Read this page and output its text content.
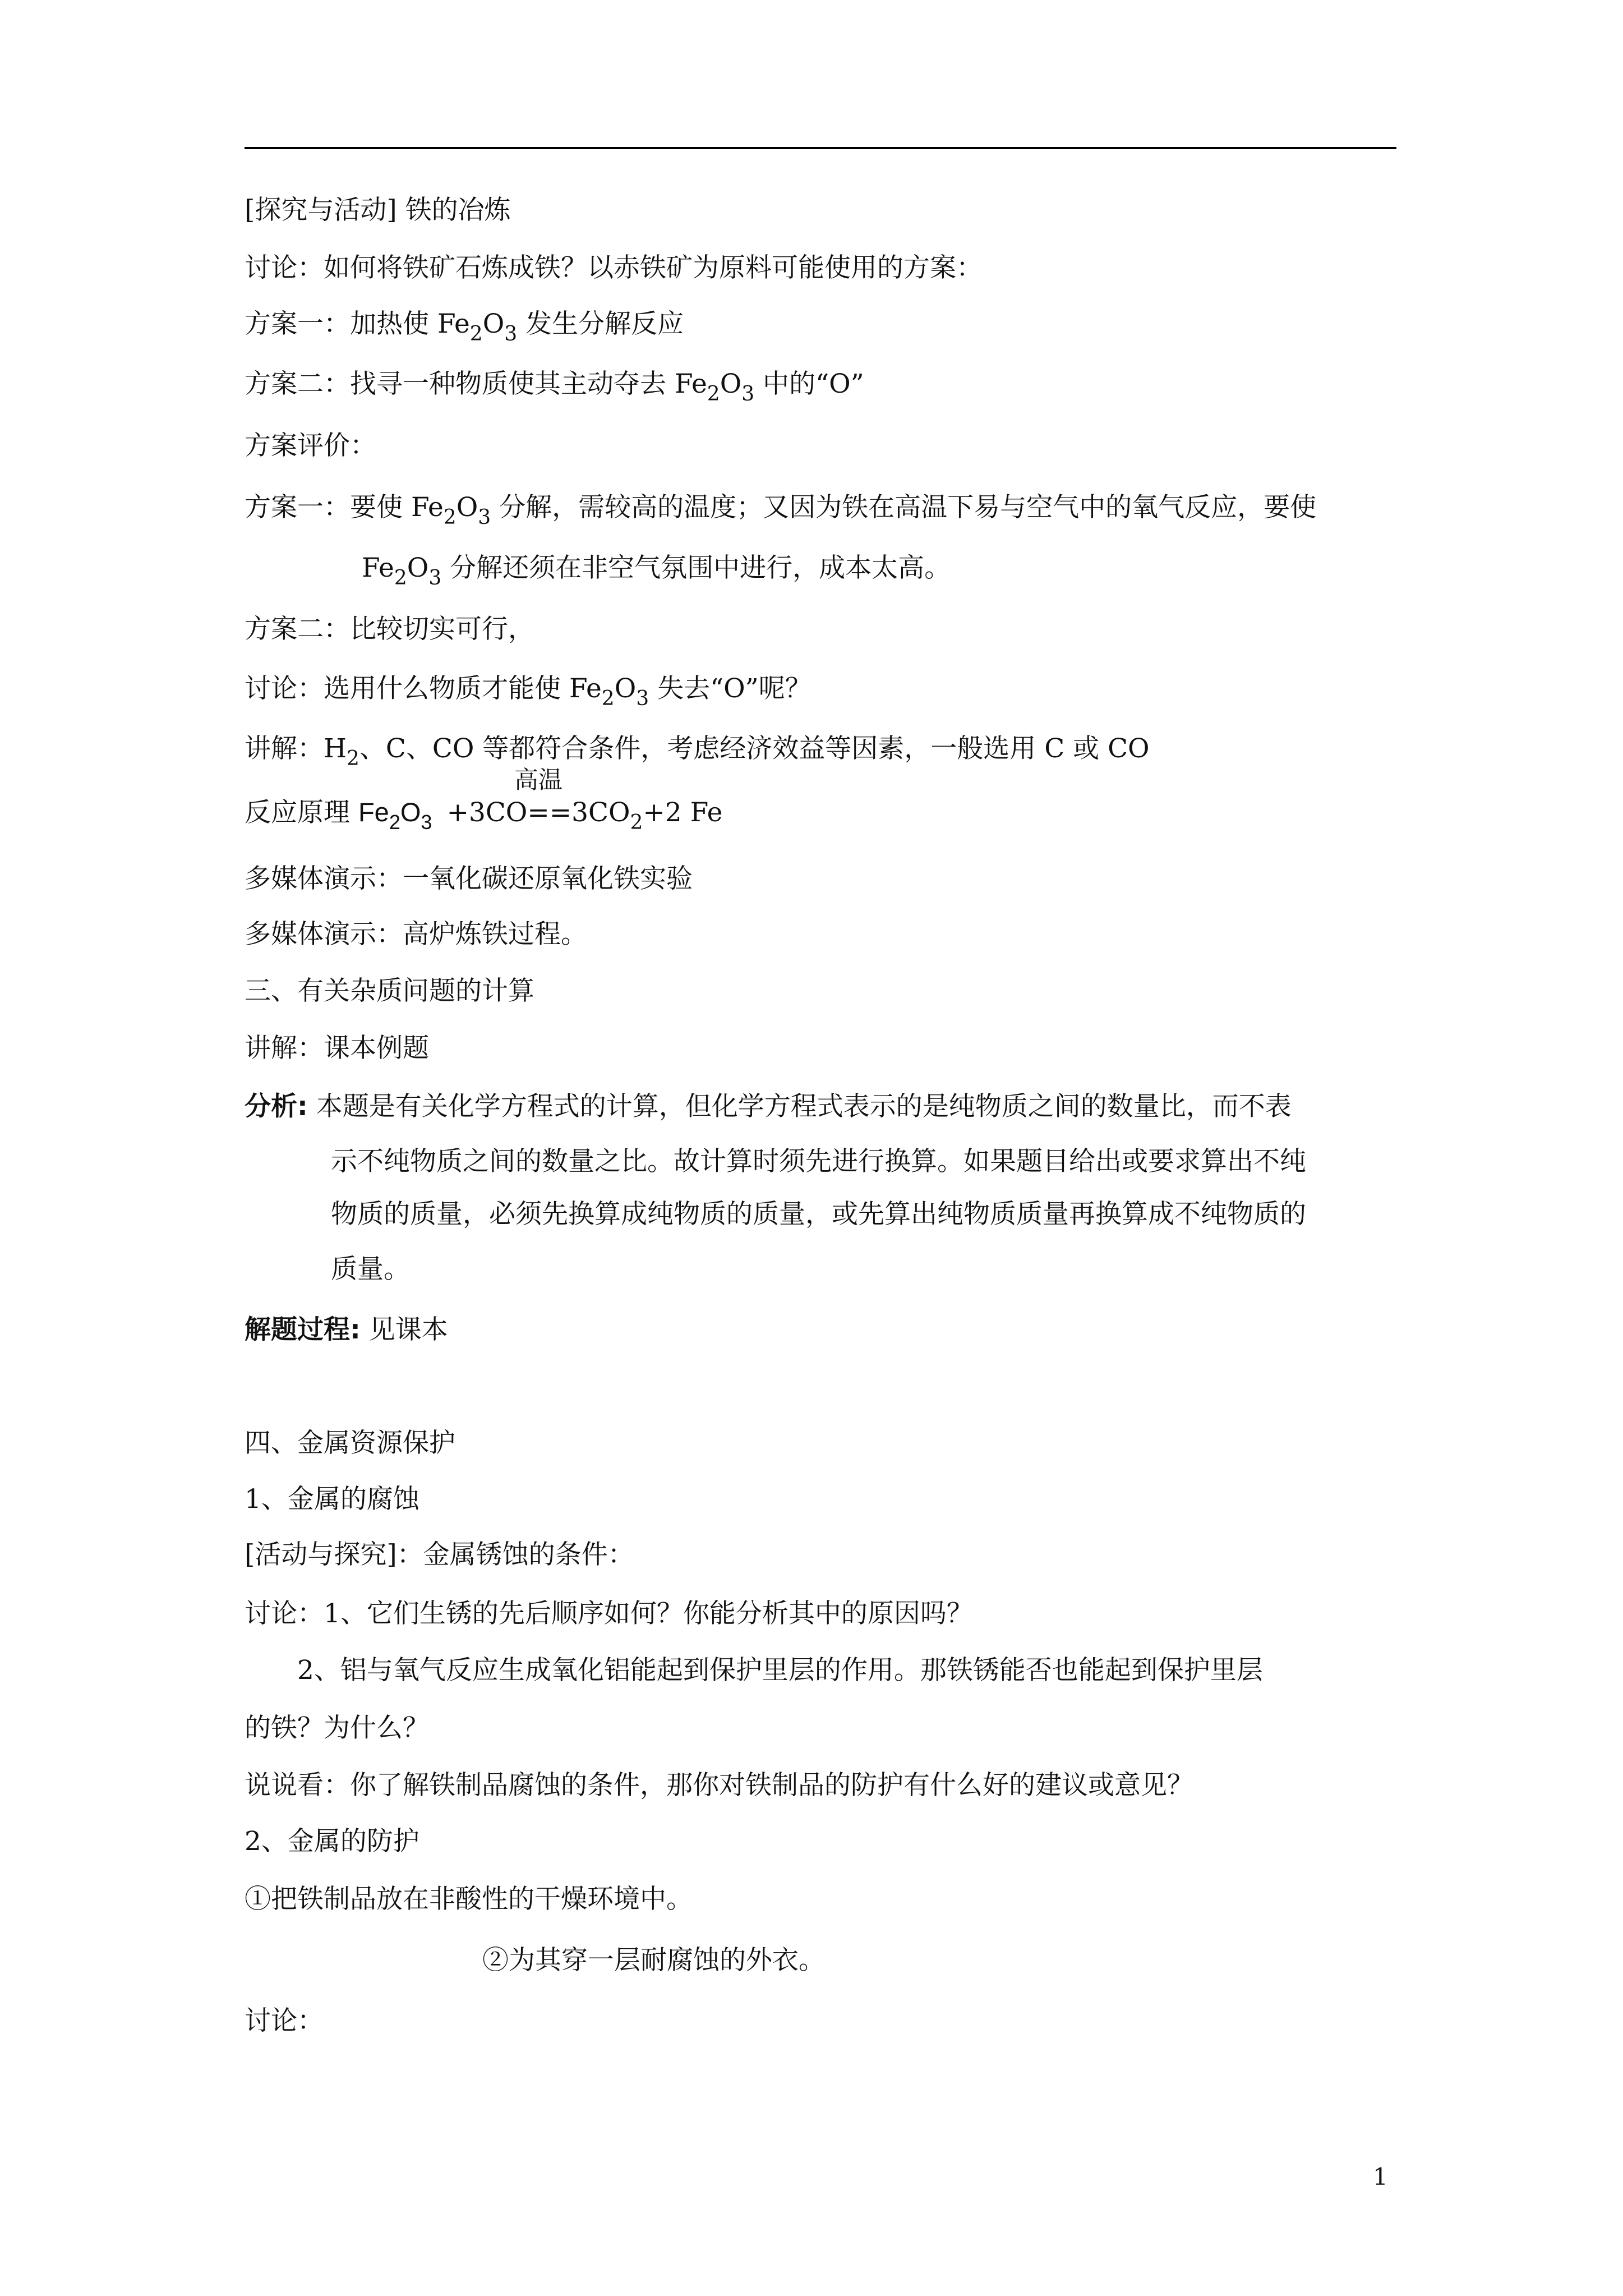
[探究与活动] 铁的冶炼
讨论：如何将铁矿石炼成铁？以赤铁矿为原料可能使用的方案：
方案一：加热使 $Fe_2O_3$ 发生分解反应
方案二：找寻一种物质使其主动夺去 $Fe_2O_3$ 中的“O”
方案评价：
方案一：要使 $Fe_2O_3$ 分解，需较高的温度；又因为铁在高温下易与空气中的氧气反应，要使
$Fe_2O_3$ 分解还须在非空气氛围中进行，成本太高。
方案二：比较切实可行，
讨论：选用什么物质才能使 $Fe_2O_3$ 失去“O”呢？
讲解：$H_2$、C、CO 等都符合条件，考虑经济效益等因素，一般选用 C 或 CO
反应原理 $Fe_2O_3$
高温
$+3CO==3CO_2+2$ Fe
多媒体演示：一氧化碳还原氧化铁实验
多媒体演示：高炉炼铁过程。
三、有关杂质问题的计算
讲解：课本例题
分析: 本题是有关化学方程式的计算，但化学方程式表示的是纯物质之间的数量比，而不表
示不纯物质之间的数量之比。故计算时须先进行换算。如果题目给出或要求算出不纯
物质的质量，必须先换算成纯物质的质量，或先算出纯物质质量再换算成不纯物质的
质量。
解题过程: 见课本
四、金属资源保护
1、金属的腐蚀
[活动与探究]：金属锈蚀的条件：
讨论：1、它们生锈的先后顺序如何？你能分析其中的原因吗？
2、铝与氧气反应生成氧化铝能起到保护里层的作用。那铁锈能否也能起到保护里层
的铁？为什么？
说说看：你了解铁制品腐蚀的条件，那你对铁制品的防护有什么好的建议或意见？
2、金属的防护
①把铁制品放在非酸性的干燥环境中。
②为其穿一层耐腐蚀的外衣。
讨论：
1
